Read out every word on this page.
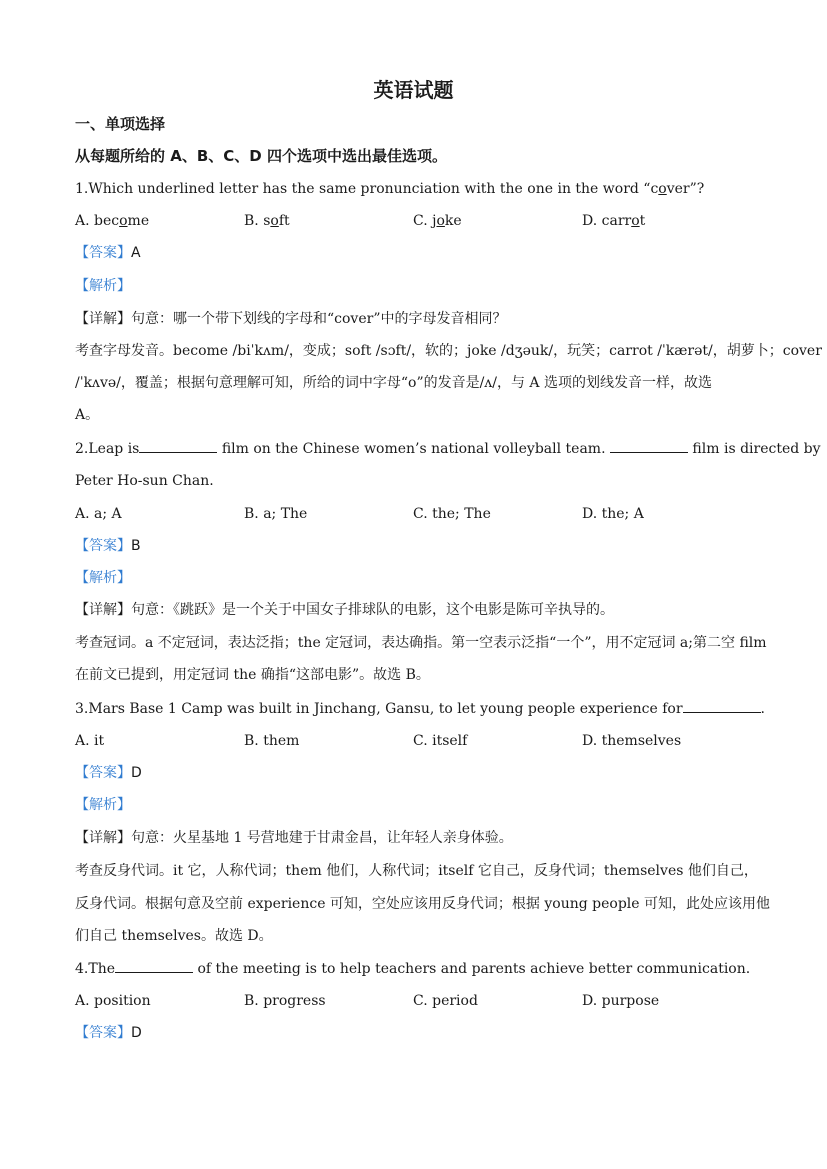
英语试题
一、单项选择
从每题所给的 A、B、C、D 四个选项中选出最佳选项。
1.Which underlined letter has the same pronunciation with the one in the word “cover”?
A. become	B. soft	C. joke	D. carrot
【答案】A
【解析】
【详解】句意：哪一个带下划线的字母和“cover”中的字母发音相同？
考查字母发音。become /biˈkʌm/，变成；soft /sɔft/，软的；joke /dʒəuk/，玩笑；carrot /ˈkærət/，胡萝卜；cover
/ˈkʌvə/，覆盖；根据句意理解可知，所给的词中字母“o”的发音是/ʌ/，与 A 选项的划线发音一样，故选
A。
2.Leap is	film on the Chinese women’s national volleyball team.	film is directed by
Peter Ho-sun Chan.
A. a; A	B. a; The	C. the; The	D. the; A
【答案】B
【解析】
【详解】句意：《跳跃》是一个关于中国女子排球队的电影，这个电影是陈可辛执导的。
考查冠词。a 不定冠词，表达泛指；the 定冠词，表达确指。第一空表示泛指“一个”，用不定冠词 a;第二空 film
在前文已提到，用定冠词 the 确指“这部电影”。故选 B。
3.Mars Base 1 Camp was built in Jinchang, Gansu, to let young people experience for	.
A. it	B. them	C. itself	D. themselves
【答案】D
【解析】
【详解】句意：火星基地 1 号营地建于甘肃金昌，让年轻人亲身体验。
考查反身代词。it 它，人称代词；them 他们，人称代词；itself 它自己，反身代词；themselves 他们自己，
反身代词。根据句意及空前 experience 可知，空处应该用反身代词；根据 young people 可知，此处应该用他
们自己 themselves。故选 D。
4.The	of the meeting is to help teachers and parents achieve better communication.
A. position	B. progress	C. period	D. purpose
【答案】D
